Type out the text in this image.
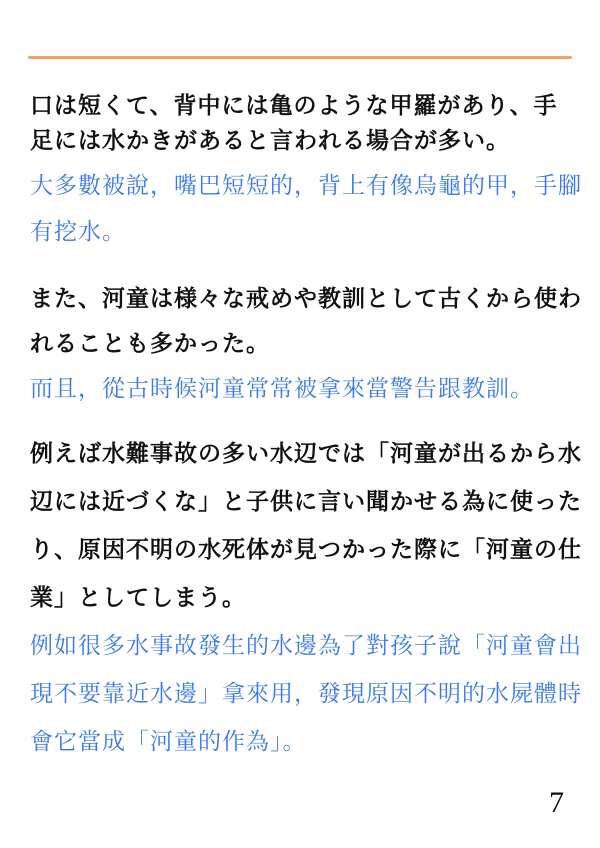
口は短くて、背中には亀のような甲羅があり、手
足には水かきがあると言われる場合が多い。
大多數被說，嘴巴短短的，背上有像烏龜的甲，手腳
有挖水。
また、河童は様々な戒めや教訓として古くから使わ
れることも多かった。
而且，從古時候河童常常被拿來當警告跟教訓。
例えば水難事故の多い水辺では「河童が出るから水
辺には近づくな」と子供に言い聞かせる為に使った
り、原因不明の水死体が見つかった際に「河童の仕
業」としてしまう。
例如很多水事故發生的水邊為了對孩子說「河童會出
現不要靠近水邊」拿來用，發現原因不明的水屍體時
會它當成「河童的作為」。
7
